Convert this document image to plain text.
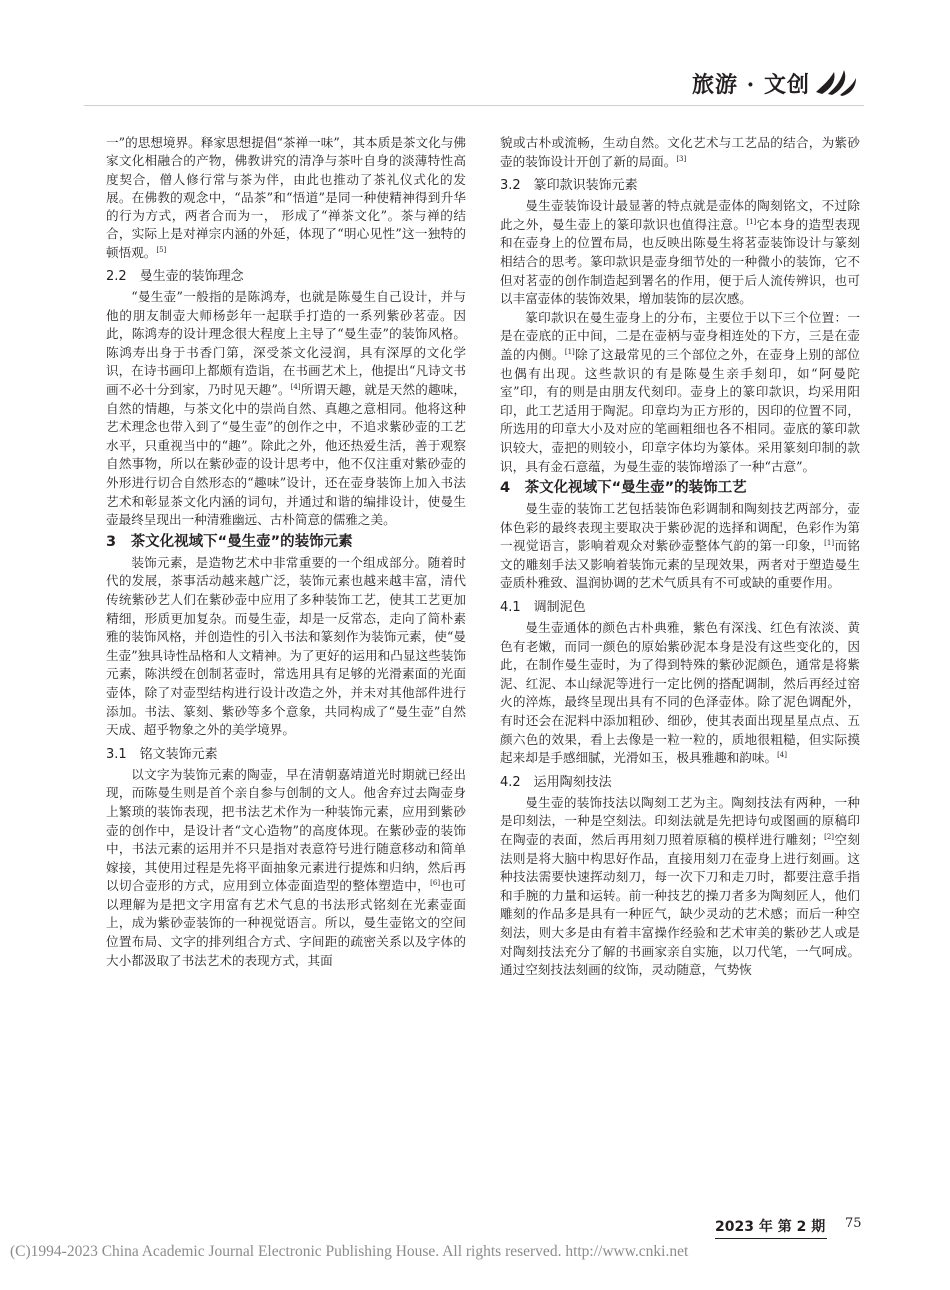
旅游 · 文创

一”的思想境界。释家思想提倡“茶禅一味”，其本质是茶文化与佛家文化相融合的产物，佛教讲究的清净与茶叶自身的淡薄特性高度契合，僧人修行常与茶为伴，由此也推动了茶礼仪式化的发展。在佛教的观念中，“品茶”和“悟道”是同一种使精神得到升华的行为方式，两者合而为一， 形成了“禅茶文化”。茶与禅的结合，实际上是对禅宗内涵的外延，体现了“明心见性”这一独特的顿悟观。[5]

2.2　曼生壶的装饰理念

“曼生壶”一般指的是陈鸿寿，也就是陈曼生自己设计，并与他的朋友制壶大师杨彭年一起联手打造的一系列紫砂茗壶。因此，陈鸿寿的设计理念很大程度上主导了“曼生壶”的装饰风格。陈鸿寿出身于书香门第，深受茶文化浸润，具有深厚的文化学识，在诗书画印上都颇有造诣，在书画艺术上，他提出“凡诗文书画不必十分到家，乃时见天趣”。[4]所谓天趣，就是天然的趣味，自然的情趣，与茶文化中的崇尚自然、真趣之意相同。他将这种艺术理念也带入到了“曼生壶”的创作之中，不追求紫砂壶的工艺水平，只重视当中的“趣”。除此之外，他还热爱生活，善于观察自然事物，所以在紫砂壶的设计思考中，他不仅注重对紫砂壶的外形进行切合自然形态的“趣味”设计，还在壶身装饰上加入书法艺术和彰显茶文化内涵的词句，并通过和谐的编排设计，使曼生壶最终呈现出一种清雅幽远、古朴简意的儒雅之美。

3　茶文化视域下“曼生壶”的装饰元素

装饰元素，是造物艺术中非常重要的一个组成部分。随着时代的发展，茶事活动越来越广泛，装饰元素也越来越丰富，清代传统紫砂艺人们在紫砂壶中应用了多种装饰工艺，使其工艺更加精细，形质更加复杂。而曼生壶，却是一反常态，走向了简朴素雅的装饰风格，并创造性的引入书法和篆刻作为装饰元素，使“曼生壶”独具诗性品格和人文精神。为了更好的运用和凸显这些装饰元素，陈洪绶在创制茗壶时，常选用具有足够的光滑素面的光面壶体，除了对壶型结构进行设计改造之外，并未对其他部件进行添加。书法、篆刻、紫砂等多个意象，共同构成了“曼生壶”自然天成、超乎物象之外的美学境界。

3.1　铭文装饰元素

以文字为装饰元素的陶壶，早在清朝嘉靖道光时期就已经出现，而陈曼生则是首个亲自参与创制的文人。他舍弃过去陶壶身上繁琐的装饰表现，把书法艺术作为一种装饰元素，应用到紫砂壶的创作中，是设计者“文心造物”的高度体现。在紫砂壶的装饰中，书法元素的运用并不只是指对表意符号进行随意移动和简单嫁接，其使用过程是先将平面抽象元素进行提炼和归纳，然后再以切合壶形的方式，应用到立体壶面造型的整体塑造中，[6]也可以理解为是把文字用富有艺术气息的书法形式铭刻在光素壶面上，成为紫砂壶装饰的一种视觉语言。所以，曼生壶铭文的空间位置布局、文字的排列组合方式、字间距的疏密关系以及字体的大小都汲取了书法艺术的表现方式，其面

貌或古朴或流畅，生动自然。文化艺术与工艺品的结合，为紫砂壶的装饰设计开创了新的局面。[3]

3.2　篆印款识装饰元素

曼生壶装饰设计最显著的特点就是壶体的陶刻铭文，不过除此之外，曼生壶上的篆印款识也值得注意。[1]它本身的造型表现和在壶身上的位置布局，也反映出陈曼生将茗壶装饰设计与篆刻相结合的思考。篆印款识是壶身细节处的一种微小的装饰，它不但对茗壶的创作制造起到署名的作用，便于后人流传辨识，也可以丰富壶体的装饰效果，增加装饰的层次感。

篆印款识在曼生壶身上的分布，主要位于以下三个位置：一是在壶底的正中间，二是在壶柄与壶身相连处的下方，三是在壶盖的内侧。[1]除了这最常见的三个部位之外，在壶身上别的部位也偶有出现。这些款识的有是陈曼生亲手刻印，如“阿曼陀室”印，有的则是由朋友代刻印。壶身上的篆印款识，均采用阳印，此工艺适用于陶泥。印章均为正方形的，因印的位置不同，所选用的印章大小及对应的笔画粗细也各不相同。壶底的篆印款识较大，壶把的则较小，印章字体均为篆体。采用篆刻印制的款识，具有金石意蕴，为曼生壶的装饰增添了一种“古意”。

4　茶文化视域下“曼生壶”的装饰工艺

曼生壶的装饰工艺包括装饰色彩调制和陶刻技艺两部分，壶体色彩的最终表现主要取决于紫砂泥的选择和调配，色彩作为第一视觉语言，影响着观众对紫砂壶整体气韵的第一印象，[1]而铭文的雕刻手法又影响着装饰元素的呈现效果，两者对于塑造曼生壶质朴雅致、温润协调的艺术气质具有不可或缺的重要作用。

4.1　调制泥色

曼生壶通体的颜色古朴典雅，紫色有深浅、红色有浓淡、黄色有老嫩，而同一颜色的原始紫砂泥本身是没有这些变化的，因此，在制作曼生壶时，为了得到特殊的紫砂泥颜色，通常是将紫泥、红泥、本山绿泥等进行一定比例的搭配调制，然后再经过窑火的淬炼，最终呈现出具有不同的色泽壶体。除了泥色调配外，有时还会在泥料中添加粗砂、细砂，使其表面出现星星点点、五颜六色的效果，看上去像是一粒一粒的，质地很粗糙，但实际摸起来却是手感细腻，光滑如玉，极具雅趣和韵味。[4]

4.2　运用陶刻技法

曼生壶的装饰技法以陶刻工艺为主。陶刻技法有两种，一种是印刻法，一种是空刻法。印刻法就是先把诗句或图画的原稿印在陶壶的表面，然后再用刻刀照着原稿的模样进行雕刻；[2]空刻法则是将大脑中构思好作品，直接用刻刀在壶身上进行刻画。这种技法需要快速挥动刻刀，每一次下刀和走刀时，都要注意手指和手腕的力量和运转。前一种技艺的操刀者多为陶刻匠人，他们雕刻的作品多是具有一种匠气，缺少灵动的艺术感；而后一种空刻法，则大多是由有着丰富操作经验和艺术审美的紫砂艺人或是对陶刻技法充分了解的书画家亲自实施，以刀代笔，一气呵成。通过空刻技法刻画的纹饰，灵动随意，气势恢

2023 年 第 2 期 75
(C)1994-2023 China Academic Journal Electronic Publishing House. All rights reserved. http://www.cnki.net
